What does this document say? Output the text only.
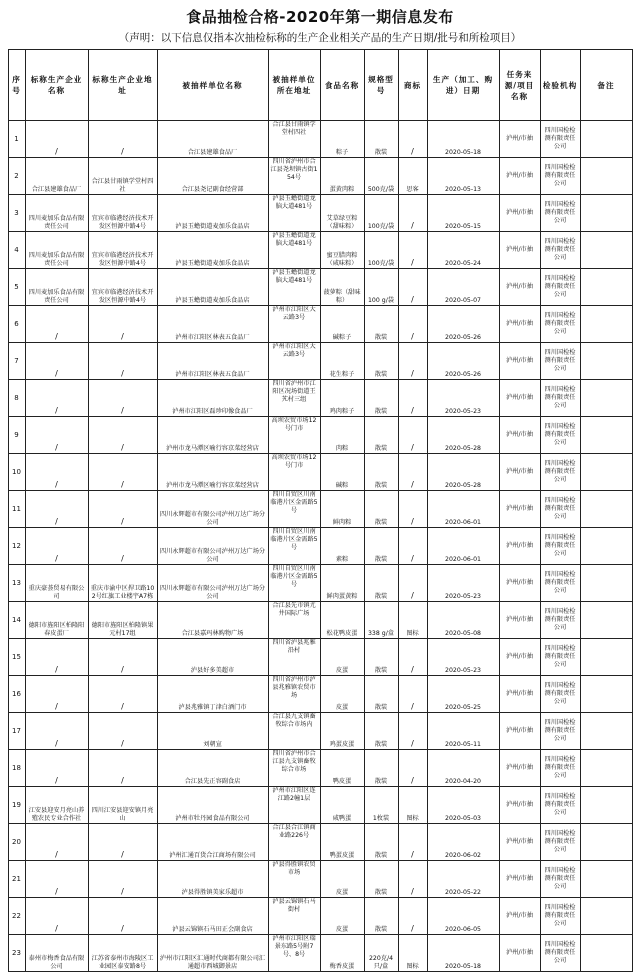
食品抽检合格-2020年第一期信息发布
（声明：以下信息仅指本次抽检标称的生产企业相关产品的生产日期/批号和所检项目）
序号	标称生产企业名称	标称生产企业地址	被抽样单位名称	被抽样单位所在地址	食品名称	规格型号	商标	生产（加工、购进）日期	任务来源/项目名称	检验机构	备注
1	/	/	合江县建雄食品厂	合江县甘雨镇学堂村四社	粽子	散装	/	2020-05-18	泸州/市抽	四川国检检测有限责任公司	
2	合江县建雄食品厂	合江县甘雨镇学堂村四社	合江县尧记副食经营部	四川省泸州市合江县尧坝镇古街154号	蛋黄肉粽	500克/袋	思客	2020-05-13	泸州/市抽	四川国检检测有限责任公司	
3	四川麦加乐食品有限责任公司	宜宾市临港经济技术开发区恒源中路4号	泸县玉蟾街道麦加乐食品店	泸县玉蟾街道龙脑大道481号	艾草绿豆粽（甜味粽）	100克/袋	/	2020-05-15	泸州/市抽	四川国检检测有限责任公司	
4	四川麦加乐食品有限责任公司	宜宾市临港经济技术开发区恒源中路4号	泸县玉蟾街道麦加乐食品店	泸县玉蟾街道龙脑大道481号	蜜豆腊肉粽（咸味粽）	100克/袋	/	2020-05-24	泸州/市抽	四川国检检测有限责任公司	
5	四川麦加乐食品有限责任公司	宜宾市临港经济技术开发区恒源中路4号	泸县玉蟾街道麦加乐食品店	泸县玉蟾街道龙脑大道481号	菠萝粽（甜味粽）	100 g/袋	/	2020-05-07	泸州/市抽	四川国检检测有限责任公司	
6	/	/	泸州市江阳区林表五食品厂	泸州市江阳区大云路3号	碱粽子	散装	/	2020-05-26	泸州/市抽	四川国检检测有限责任公司	
7	/	/	泸州市江阳区林表五食品厂	泸州市江阳区大云路3号	花生粽子	散装	/	2020-05-26	泸州/市抽	四川国检检测有限责任公司	
8	/	/	泸州市江阳区磊珍印像食品厂	四川省泸州市江阳区况场街道王艽村三组	鸡肉粽子	散装	/	2020-05-23	泸州/市抽	四川国检检测有限责任公司	
9	/	/	泸州市龙马潭区喻行容京菜经营店	高坝农贸市场12号门市	肉粽	散装	/	2020-05-28	泸州/市抽	四川国检检测有限责任公司	
10	/	/	泸州市龙马潭区喻行容京菜经营店	高坝农贸市场12号门市	碱粽	散装	/	2020-05-28	泸州/市抽	四川国检检测有限责任公司	
11	/	/	四川永辉超市有限公司泸州万达广场分公司	四川自贸区川南临港片区金需路5号	鲜肉粽	散装	/	2020-06-01	泸州/市抽	四川国检检测有限责任公司	
12	/	/	四川永辉超市有限公司泸州万达广场分公司	四川自贸区川南临港片区金需路5号	素粽	散装	/	2020-06-01	泸州/市抽	四川国检检测有限责任公司	
13	重庆豪荟贸易有限公司	重庆市渝中区捍卫路102号红旗工业楼宇A7栋	四川永辉超市有限公司泸州万达广场分公司	四川自贸区川南临港片区金需路5号	鲜肉蛋黄粽	散装	/	2020-05-23	泸州/市抽	四川国检检测有限责任公司	
14	德阳市旌阳区柏隆阳春皮蛋厂	德阳市旌阳区柏隆镇果元村17组	合江县嘉玛林购物广场	合江县先市镇尤井国际广场	松花鸭皮蛋	338 g/盒	图标	2020-05-08	泸州/市抽	四川国检检测有限责任公司	
15	/	/	泸县好多美超市	四川省泸县兆雅沿村	皮蛋	散装	/	2020-05-23	泸州/市抽	四川国检检测有限责任公司	
16	/	/	泸县兆雅镇丁津白酒门市	四川省泸州市泸县兆雅镇农贸市场	皮蛋	散装	/	2020-05-25	泸州/市抽	四川国检检测有限责任公司	
17	/	/	刘朝宣	合江县九支镇畜牧综合市场内	鸡蛋皮蛋	散装	/	2020-05-11	泸州/市抽	四川国检检测有限责任公司	
18	/	/	合江县先正容副食店	四川省泸州市合江县九支镇畜牧综合市场	鸭皮蛋	散装	/	2020-04-20	泸州/市抽	四川国检检测有限责任公司	
19	江安县迎安月亮山养殖农民专业合作社	四川江安县迎安镇月亮山	泸州市牡丹园食品有限公司	泸州市江阳区连江路2幢1层	咸鸭蛋	1枚装	图标	2020-05-03	泸州/市抽	四川国检检测有限责任公司	
20	/	/	泸州汇通百货合江商场有限公司	合江县合江镇商业路226号	鸭蛋皮蛋	散装	/	2020-06-02	泸州/市抽	四川国检检测有限责任公司	
21	/	/	泸县得胜镇美家乐超市	泸县得胜镇农贸市场	皮蛋	散装	/	2020-05-22	泸州/市抽	四川国检检测有限责任公司	
22	/	/	泸县云锦镇石马田正会副食店	泸县云锦镇石马街村	皮蛋	散装	/	2020-06-05	泸州/市抽	四川国检检测有限责任公司	
23	泰州市梅香食品有限公司	江苏省泰州市海陵区工业园区泰安路8号	泸州市江阳区汇通时代商都有限公司汇通超市西城御景店	泸州市江阳区瑞景东路5号附7号、8号	梅香皮蛋	220克/4只/盒	图标	2020-05-18	泸州/市抽	四川国检检测有限责任公司	
